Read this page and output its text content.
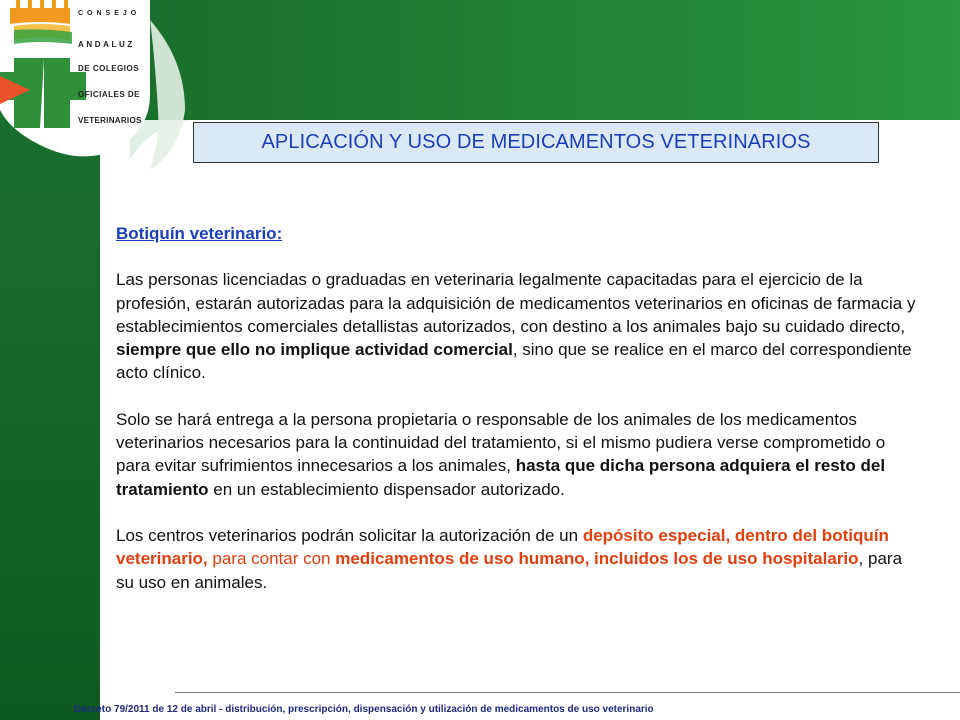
CONSEJO
ANDALUZ
DE COLEGIOS
OFICIALES DE
VETERINARIOS
APLICACIÓN Y USO DE MEDICAMENTOS VETERINARIOS

Botiquín veterinario:

Las personas licenciadas o graduadas en veterinaria legalmente capacitadas para el ejercicio de la profesión, estarán autorizadas para la adquisición de medicamentos veterinarios en oficinas de farmacia y establecimientos comerciales detallistas autorizados, con destino a los animales bajo su cuidado directo, siempre que ello no implique actividad comercial, sino que se realice en el marco del correspondiente acto clínico.

Solo se hará entrega a la persona propietaria o responsable de los animales de los medicamentos veterinarios necesarios para la continuidad del tratamiento, si el mismo pudiera verse comprometido o para evitar sufrimientos innecesarios a los animales, hasta que dicha persona adquiera el resto del tratamiento en un establecimiento dispensador autorizado.

Los centros veterinarios podrán solicitar la autorización de un depósito especial, dentro del botiquín veterinario, para contar con medicamentos de uso humano, incluidos los de uso hospitalario, para su uso en animales.

Decreto 79/2011 de 12 de abril - distribución, prescripción, dispensación y utilización de medicamentos de uso veterinario
